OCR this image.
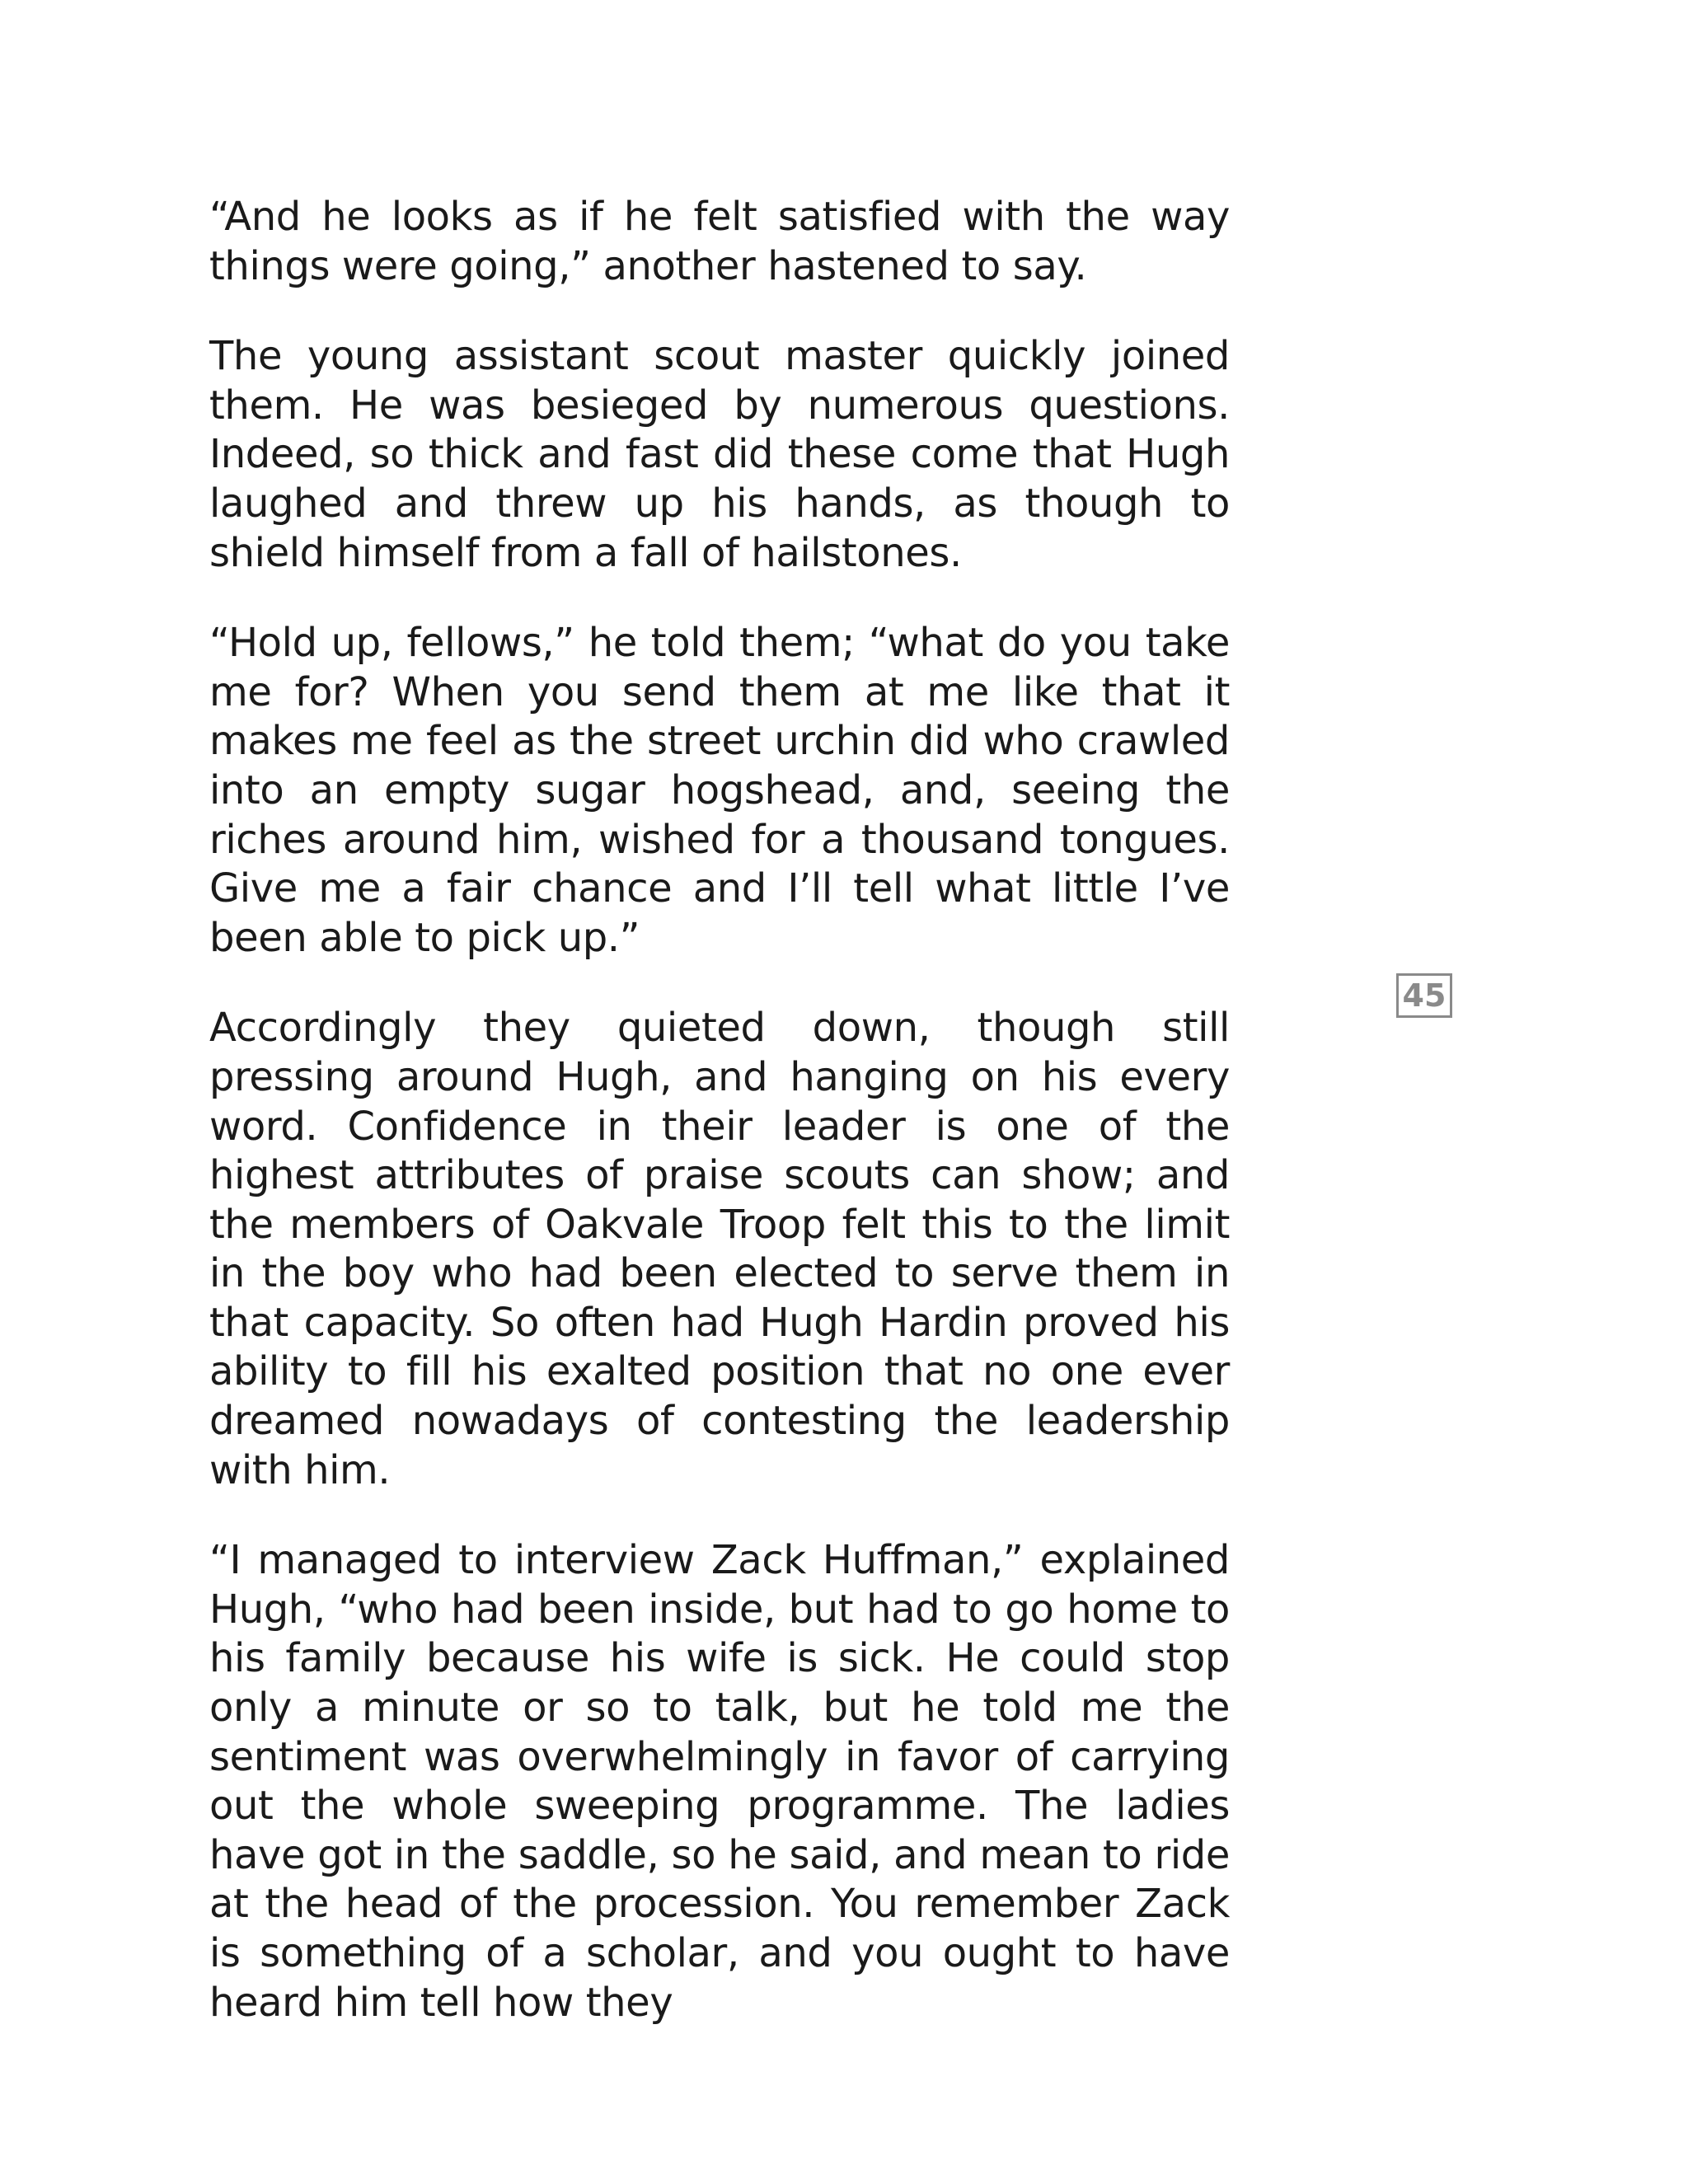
“And he looks as if he felt satisfied with the way things were going,” another hastened to say.

The young assistant scout master quickly joined them. He was besieged by numerous questions. Indeed, so thick and fast did these come that Hugh laughed and threw up his hands, as though to shield himself from a fall of hailstones.

“Hold up, fellows,” he told them; “what do you take me for? When you send them at me like that it makes me feel as the street urchin did who crawled into an empty sugar hogshead, and, seeing the riches around him, wished for a thousand tongues. Give me a fair chance and I’ll tell what little I’ve been able to pick up.”

Accordingly they quieted down, though still pressing around Hugh, and hanging on his every word. Confidence in their leader is one of the highest attributes of praise scouts can show; and the members of Oakvale Troop felt this to the limit in the boy who had been elected to serve them in that capacity. So often had Hugh Hardin proved his ability to fill his exalted position that no one ever dreamed nowadays of contesting the leadership with him.

“I managed to interview Zack Huffman,” explained Hugh, “who had been inside, but had to go home to his family because his wife is sick. He could stop only a minute or so to talk, but he told me the sentiment was overwhelmingly in favor of carrying out the whole sweeping programme. The ladies have got in the saddle, so he said, and mean to ride at the head of the procession. You remember Zack is something of a scholar, and you ought to have heard him tell how they

45
